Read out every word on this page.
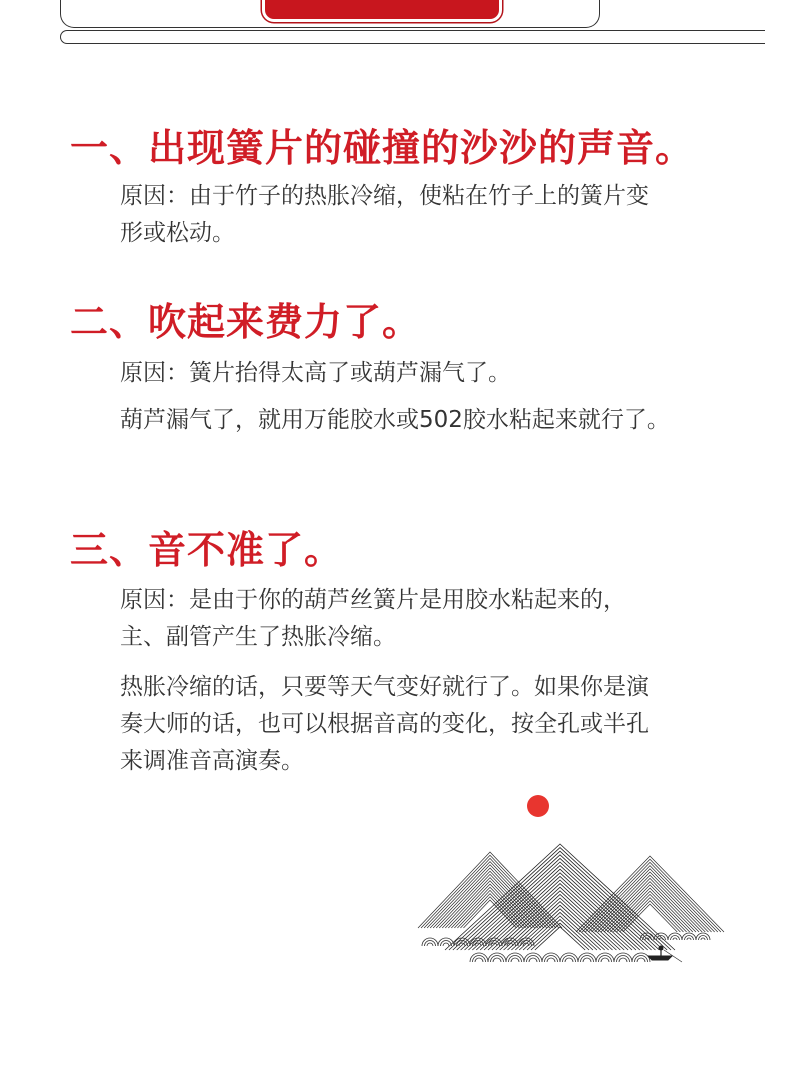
一、出现簧片的碰撞的沙沙的声音。

原因：由于竹子的热胀冷缩，使粘在竹子上的簧片变形或松动。

二、吹起来费力了。

原因：簧片抬得太高了或葫芦漏气了。

葫芦漏气了，就用万能胶水或502胶水粘起来就行了。

三、音不准了。

原因：是由于你的葫芦丝簧片是用胶水粘起来的，主、副管产生了热胀冷缩。

热胀冷缩的话，只要等天气变好就行了。如果你是演奏大师的话，也可以根据音高的变化，按全孔或半孔来调准音高演奏。
